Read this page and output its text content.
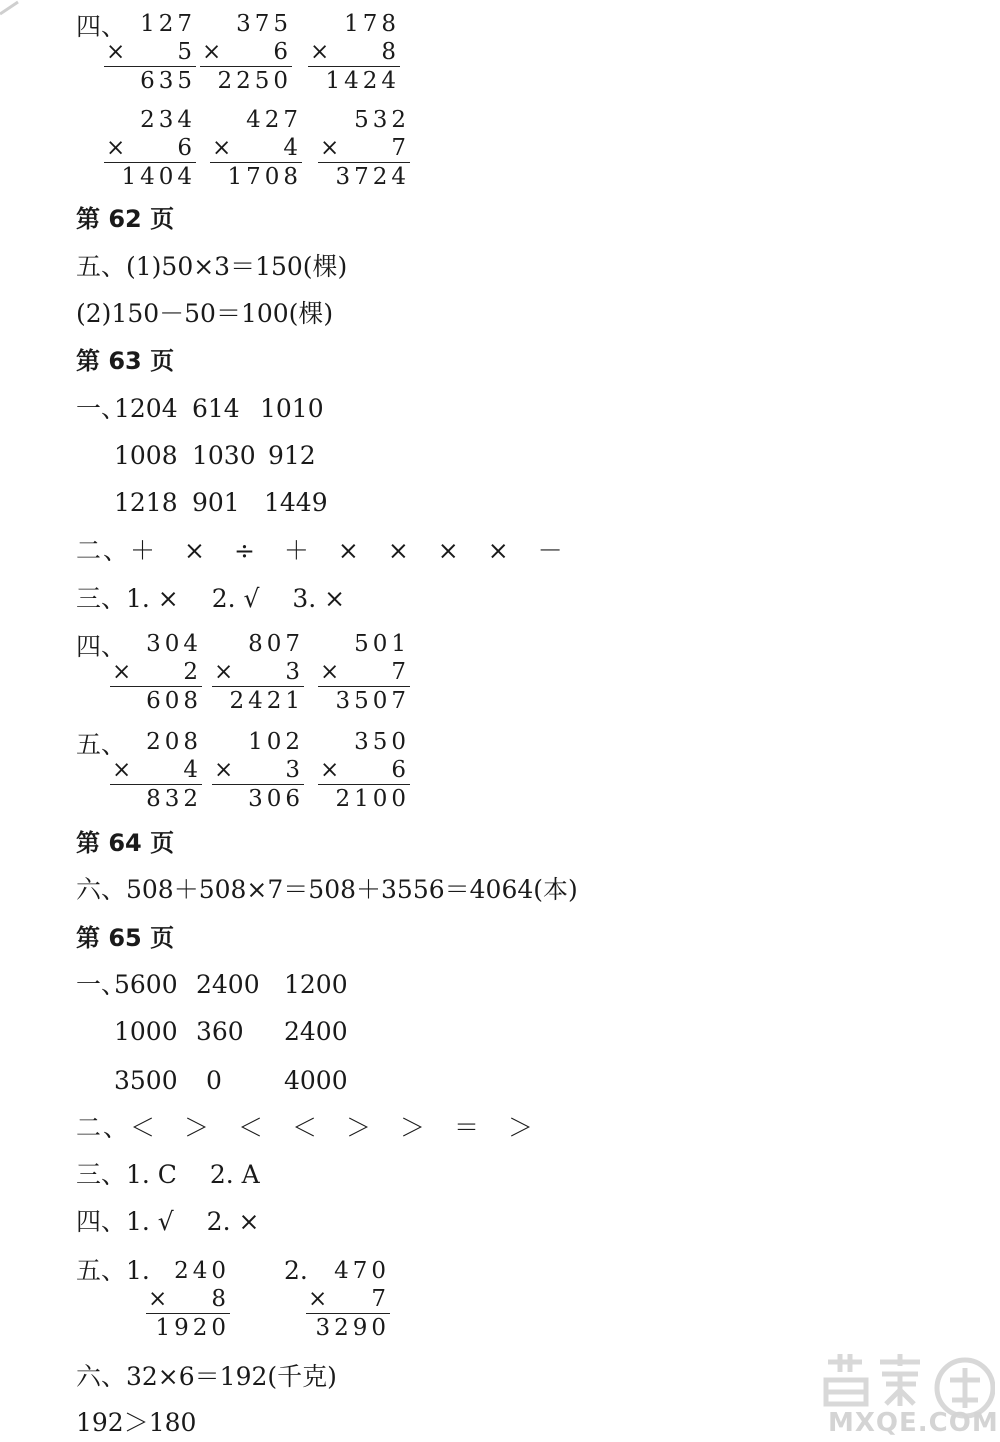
四、 127
× 5
635
375
× 6
2250
178
× 8
1424
234
× 6
1404
427
× 4
1708
532
× 7
3724
第 62 页
五、(1)50×3＝150(棵)
(2)150－50＝100(棵)
第 63 页
一、
1204 614 1010
1008 1030 912
1218 901 1449
二、＋　×　÷　＋　×　×　×　×　－
三、1. ×　 2. √　 3. ×
四、 304
× 2
608
807
× 3
2421
501
× 7
3507
五、 208
× 4
832
102
× 3
306
350
× 6
2100
第 64 页
六、508＋508×7＝508＋3556＝4064(本)
第 65 页
一、
5600 2400 1200
1000 360 2400
3500 0 4000
二、＜　＞　＜　＜　＞　＞　＝　＞
三、1. C　 2. A
四、1. √　 2. ×
五、1.	240
× 8
1920
2.	470
× 7
3290
六、32×6＝192(千克)
192＞180	MXQE.COM
